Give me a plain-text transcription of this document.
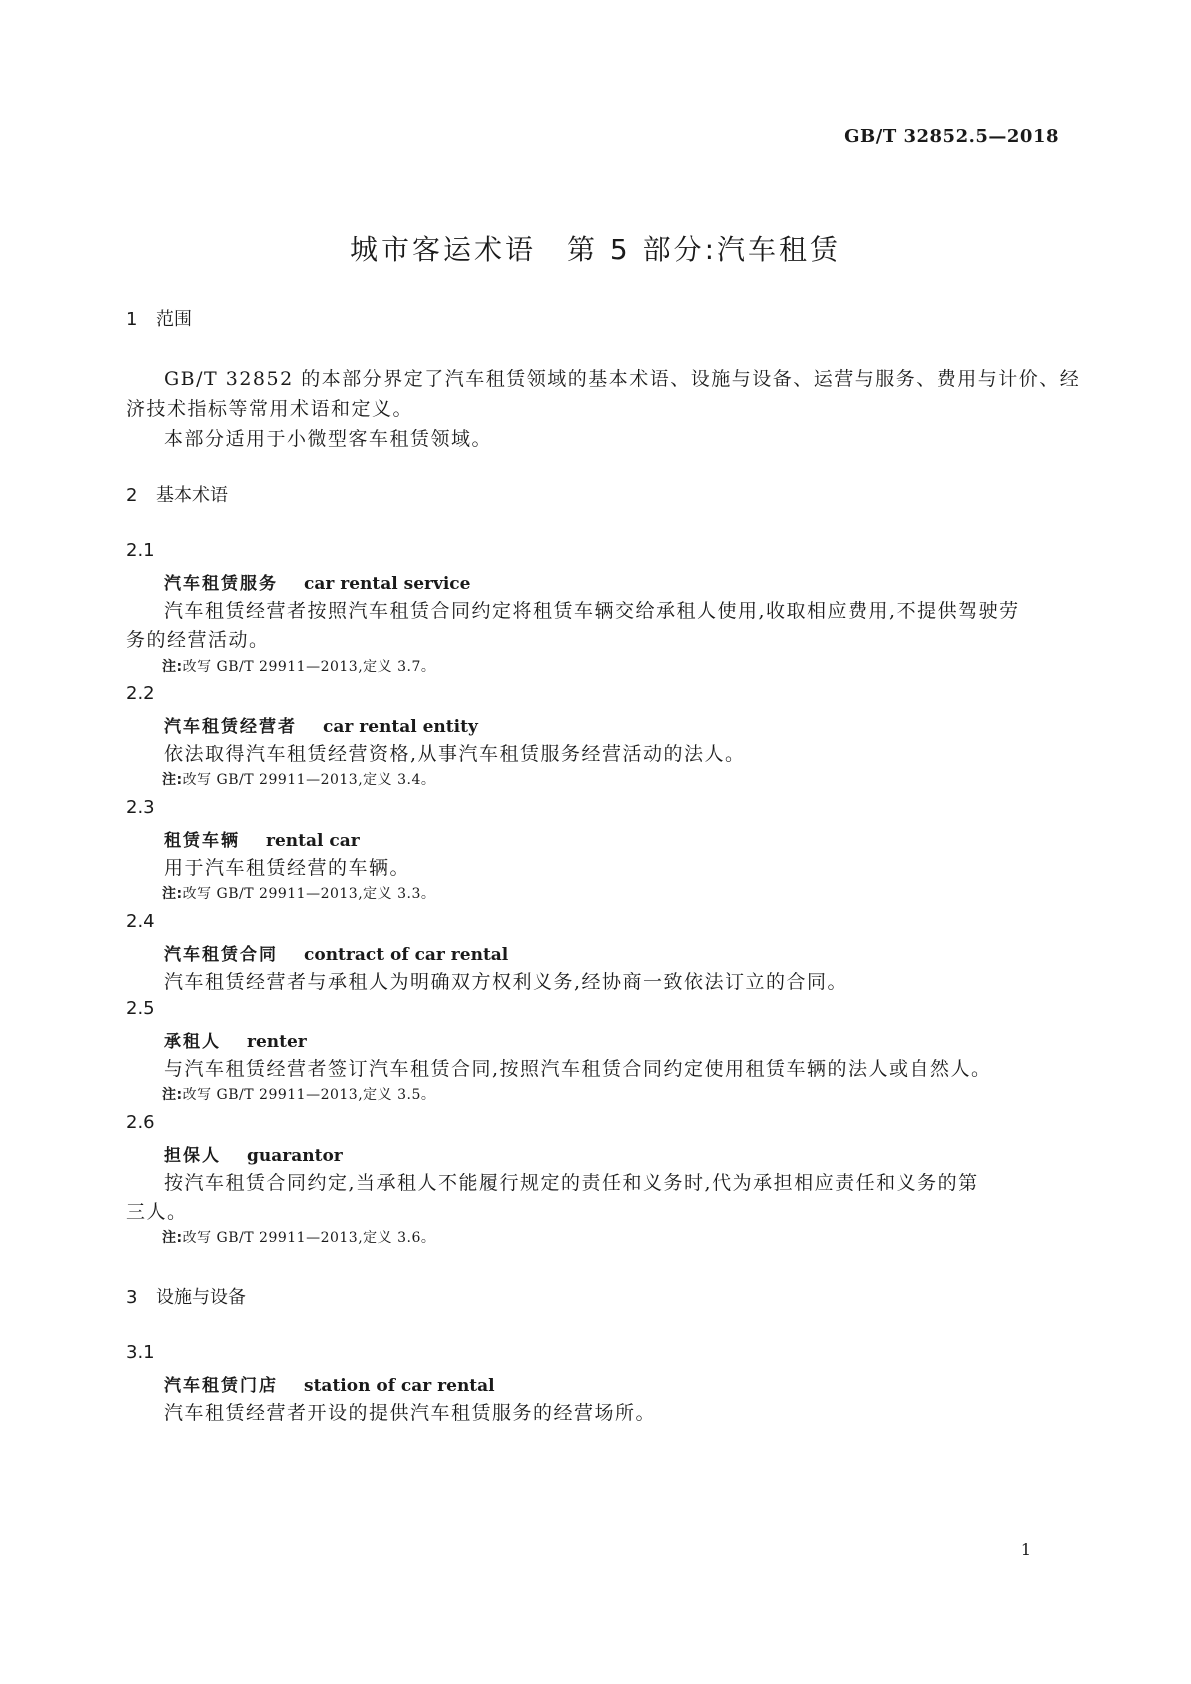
GB/T 32852.5—2018
城市客运术语　第 5 部分:汽车租赁
1 范围
GB/T 32852 的本部分界定了汽车租赁领域的基本术语、设施与设备、运营与服务、费用与计价、经
济技术指标等常用术语和定义。
本部分适用于小微型客车租赁领域。
2 基本术语
2.1
汽车租赁服务 car rental service
汽车租赁经营者按照汽车租赁合同约定将租赁车辆交给承租人使用,收取相应费用,不提供驾驶劳
务的经营活动。
注:改写 GB/T 29911—2013,定义 3.7。
2.2
汽车租赁经营者 car rental entity
依法取得汽车租赁经营资格,从事汽车租赁服务经营活动的法人。
注:改写 GB/T 29911—2013,定义 3.4。
2.3
租赁车辆 rental car
用于汽车租赁经营的车辆。
注:改写 GB/T 29911—2013,定义 3.3。
2.4
汽车租赁合同 contract of car rental
汽车租赁经营者与承租人为明确双方权利义务,经协商一致依法订立的合同。
2.5
承租人 renter
与汽车租赁经营者签订汽车租赁合同,按照汽车租赁合同约定使用租赁车辆的法人或自然人。
注:改写 GB/T 29911—2013,定义 3.5。
2.6
担保人 guarantor
按汽车租赁合同约定,当承租人不能履行规定的责任和义务时,代为承担相应责任和义务的第
三人。
注:改写 GB/T 29911—2013,定义 3.6。
3 设施与设备
3.1
汽车租赁门店 station of car rental
汽车租赁经营者开设的提供汽车租赁服务的经营场所。
1
